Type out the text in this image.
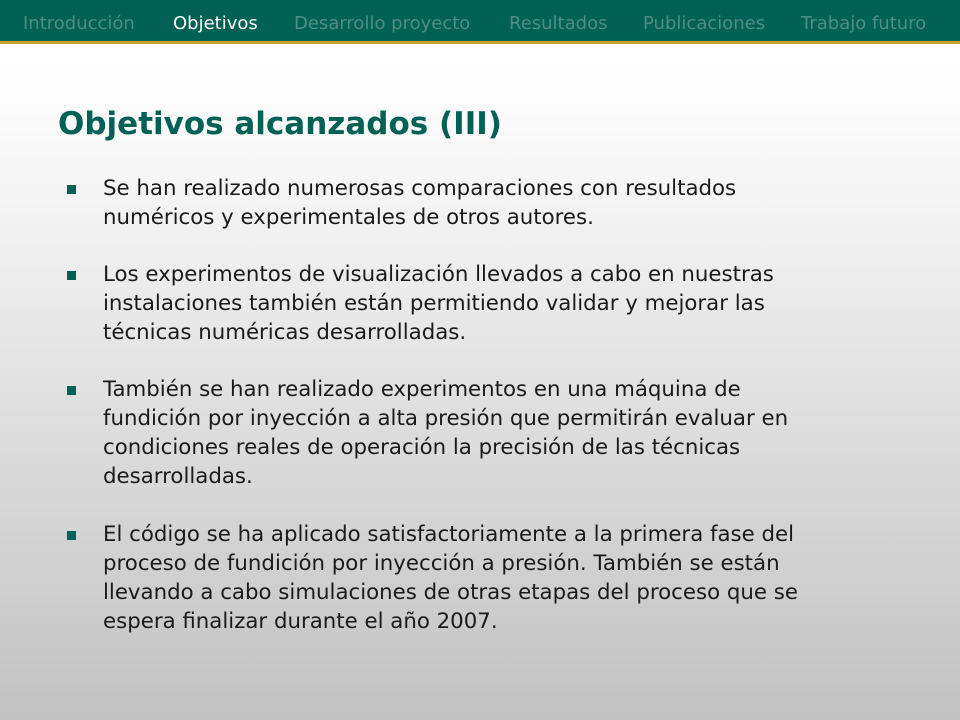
Introducción Objetivos Desarrollo proyecto Resultados Publicaciones Trabajo futuro
Objetivos alcanzados (III)

Se han realizado numerosas comparaciones con resultados
numéricos y experimentales de otros autores.

Los experimentos de visualización llevados a cabo en nuestras
instalaciones también están permitiendo validar y mejorar las
técnicas numéricas desarrolladas.

También se han realizado experimentos en una máquina de
fundición por inyección a alta presión que permitirán evaluar en
condiciones reales de operación la precisión de las técnicas
desarrolladas.

El código se ha aplicado satisfactoriamente a la primera fase del
proceso de fundición por inyección a presión. También se están
llevando a cabo simulaciones de otras etapas del proceso que se
espera finalizar durante el año 2007.
